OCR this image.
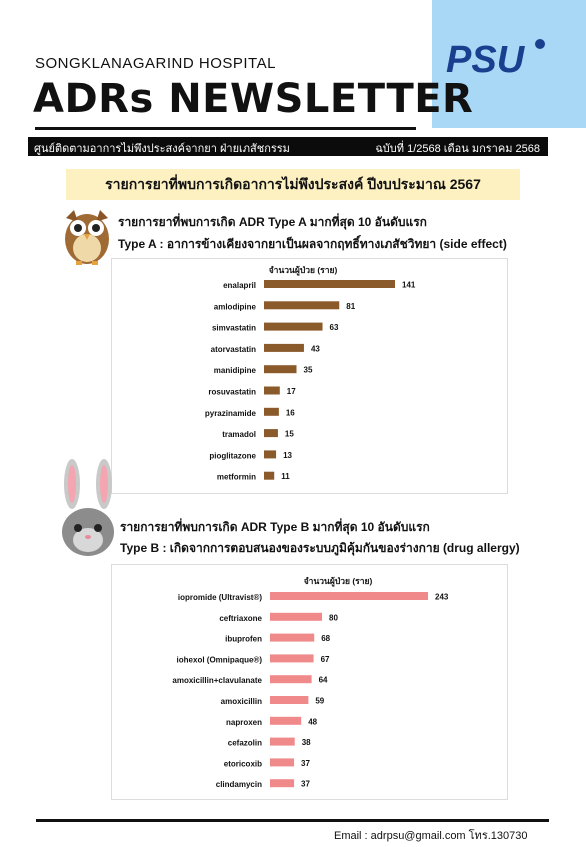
PSU
SONGKLANAGARIND HOSPITAL
ADRs NEWSLETTER
ศูนย์ติดตามอาการไม่พึงประสงค์จากยา ฝ่ายเภสัชกรรม	ฉบับที่ 1/2568 เดือน มกราคม 2568
รายการยาที่พบการเกิดอาการไม่พึงประสงค์ ปีงบประมาณ 2567
รายการยาที่พบการเกิด ADR Type A มากที่สุด 10 อันดับแรก
Type A : อาการข้างเคียงจากยาเป็นผลจากฤทธิ์ทางเภสัชวิทยา (side effect)
จำนวนผู้ป่วย (ราย)
enalapril	141
amlodipine	81
simvastatin	63
atorvastatin	43
manidipine	35
rosuvastatin	17
pyrazinamide	16
tramadol	15
pioglitazone	13
metformin	11
รายการยาที่พบการเกิด ADR Type B มากที่สุด 10 อันดับแรก
Type B : เกิดจากการตอบสนองของระบบภูมิคุ้มกันของร่างกาย (drug allergy)
จำนวนผู้ป่วย (ราย)
iopromide (Ultravist®)	243
ceftriaxone	80
ibuprofen	68
iohexol (Omnipaque®)	67
amoxicillin+clavulanate	64
amoxicillin	59
naproxen	48
cefazolin	38
etoricoxib	37
clindamycin	37
Email : adrpsu@gmail.com โทร.130730
